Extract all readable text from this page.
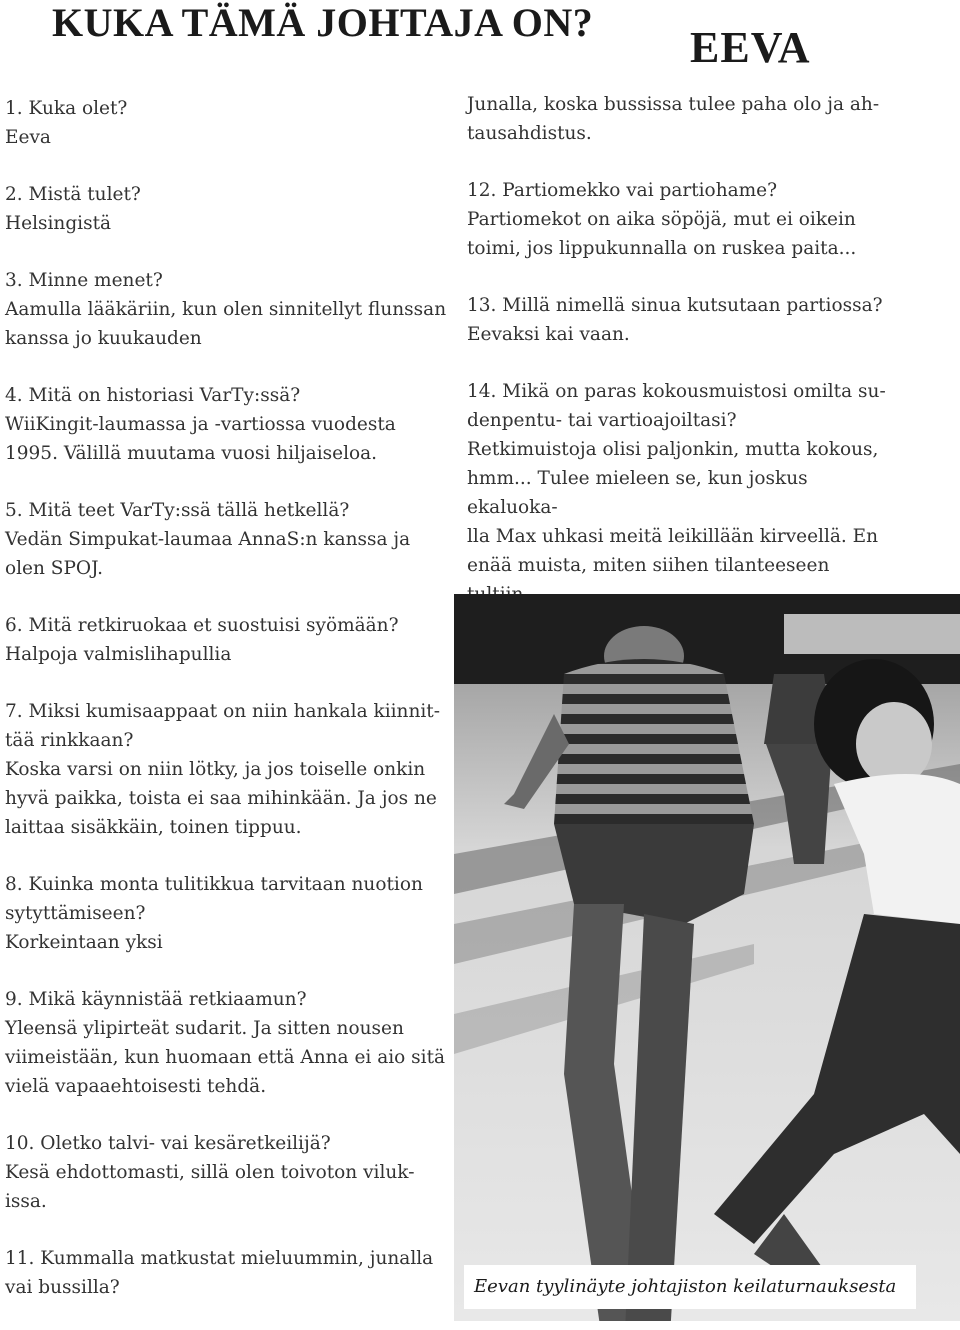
KUKA TÄMÄ JOHTAJA ON?
EEVA

1. Kuka olet?

Eeva

2. Mistä tulet?

Helsingistä

3. Minne menet?

Aamulla lääkäriin, kun olen sinnitellyt flunssan

kanssa jo kuukauden

4. Mitä on historiasi VarTy:ssä?

WiiKingit-laumassa ja -vartiossa vuodesta

1995. Välillä muutama vuosi hiljaiseloa.

5. Mitä teet VarTy:ssä tällä hetkellä?

Vedän Simpukat-laumaa AnnaS:n kanssa ja

olen SPOJ.

6. Mitä retkiruokaa et suostuisi syömään?

Halpoja valmislihapullia

7. Miksi kumisaappaat on niin hankala kiinnit-

tää rinkkaan?

Koska varsi on niin lötky, ja jos toiselle onkin

hyvä paikka, toista ei saa mihinkään. Ja jos ne

laittaa sisäkkäin, toinen tippuu.

8. Kuinka monta tulitikkua tarvitaan nuotion

sytyttämiseen?

Korkeintaan yksi

9. Mikä käynnistää retkiaamun?

Yleensä ylipirteät sudarit. Ja sitten nousen

viimeistään, kun huomaan että Anna ei aio sitä

vielä vapaaehtoisesti tehdä.

10. Oletko talvi- vai kesäretkeilijä?

Kesä ehdottomasti, sillä olen toivoton viluk-

issa.

11. Kummalla matkustat mieluummin, junalla

vai bussilla?

Junalla, koska bussissa tulee paha olo ja ah-

tausahdistus.

12. Partiomekko vai partiohame?

Partiomekot on aika söpöjä, mut ei oikein

toimi, jos lippukunnalla on ruskea paita...

13. Millä nimellä sinua kutsutaan partiossa?

Eevaksi kai vaan.

14. Mikä on paras kokousmuistosi omilta su-

denpentu- tai vartioajoiltasi?

Retkimuistoja olisi paljonkin, mutta kokous,

hmm... Tulee mieleen se, kun joskus ekaluoka-

lla Max uhkasi meitä leikillään kirveellä. En

enää muista, miten siihen tilanteeseen

Eevan tyylinäyte johtajiston keilaturnauksesta
